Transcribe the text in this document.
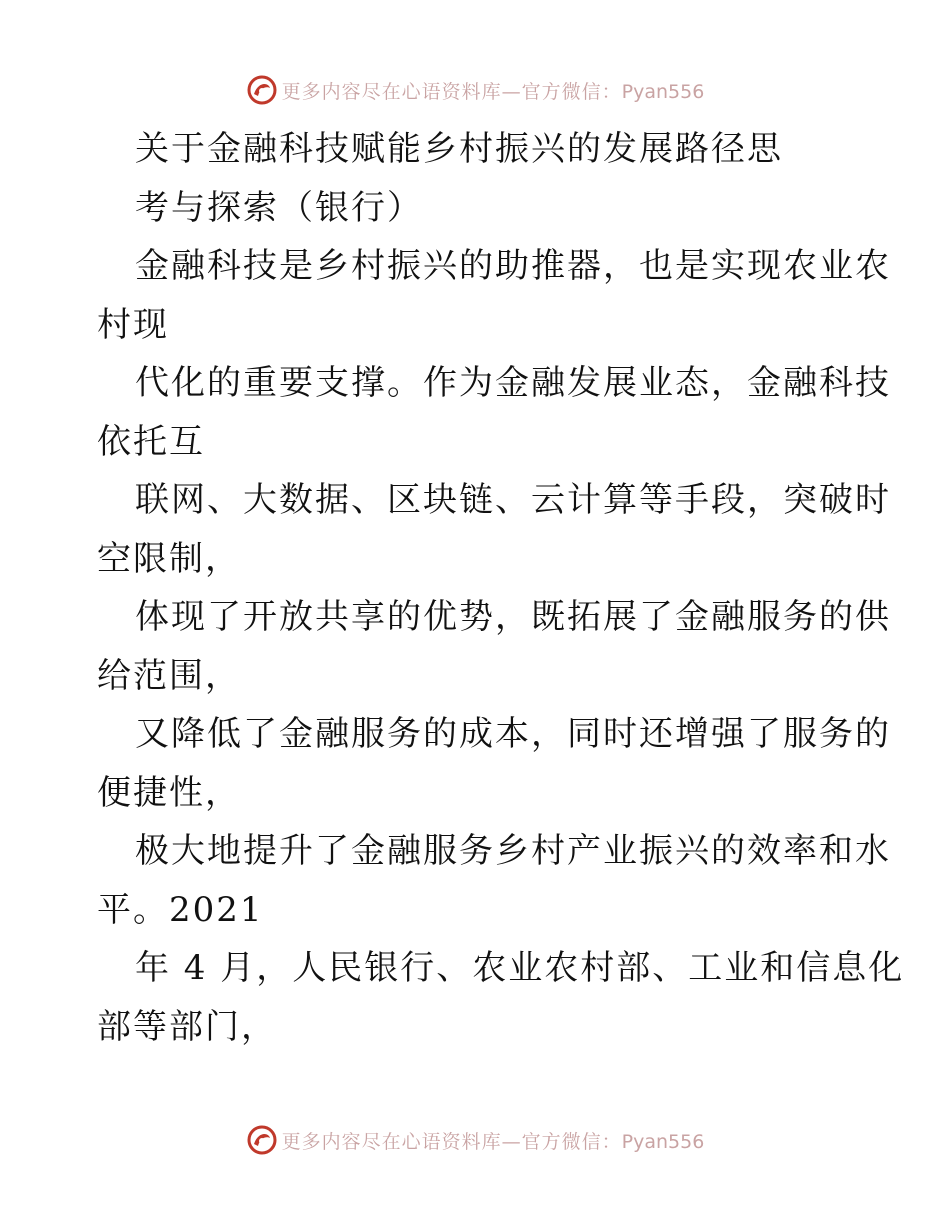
更多内容尽在心语资料库—官方微信：Pyan556
关于金融科技赋能乡村振兴的发展路径思
考与探索（银行）
金融科技是乡村振兴的助推器，也是实现农业农
村现
代化的重要支撑。作为金融发展业态，金融科技
依托互
联网、大数据、区块链、云计算等手段，突破时
空限制，
体现了开放共享的优势，既拓展了金融服务的供
给范围，
又降低了金融服务的成本，同时还增强了服务的
便捷性，
极大地提升了金融服务乡村产业振兴的效率和水
平。2021
年 4 月，人民银行、农业农村部、工业和信息化
部等部门，
更多内容尽在心语资料库—官方微信：Pyan556
